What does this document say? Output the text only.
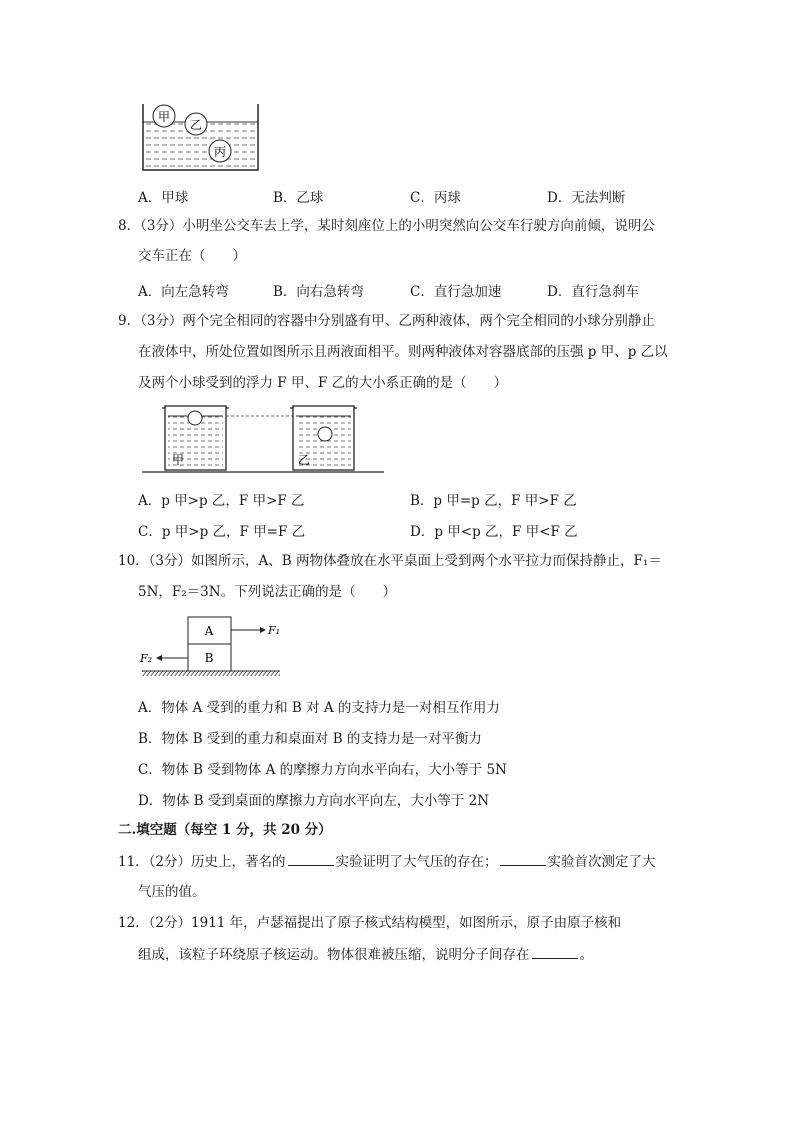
甲
乙
丙
A．甲球	B．乙球	C．丙球	D．无法判断
8．（3分）小明坐公交车去上学，某时刻座位上的小明突然向公交车行驶方向前倾，说明公
交车正在（　　）
A．向左急转弯	B．向右急转弯	C．直行急加速	D．直行急刹车
9．（3分）两个完全相同的容器中分别盛有甲、乙两种液体，两个完全相同的小球分别静止
在液体中，所处位置如图所示且两液面相平。则两种液体对容器底部的压强 p 甲、p 乙以
及两个小球受到的浮力 F 甲、F 乙的大小系正确的是（　　）
甲	乙
A．p 甲>p 乙，F 甲>F 乙	B．p 甲=p 乙，F 甲>F 乙
C．p 甲>p 乙，F 甲=F 乙	D．p 甲<p 乙，F 甲<F 乙
10．（3分）如图所示，A、B 两物体叠放在水平桌面上受到两个水平拉力而保持静止，F₁＝
5N，F₂＝3N。下列说法正确的是（　　）
A
B
F₁
F₂
A．物体 A 受到的重力和 B 对 A 的支持力是一对相互作用力
B．物体 B 受到的重力和桌面对 B 的支持力是一对平衡力
C．物体 B 受到物体 A 的摩擦力方向水平向右，大小等于 5N
D．物体 B 受到桌面的摩擦力方向水平向左，大小等于 2N
二.填空题（每空 1 分，共 20 分）
11．（2分）历史上，著名的	实验证明了大气压的存在；	实验首次测定了大
气压的值。
12．（2分）1911 年，卢瑟福提出了原子核式结构模型，如图所示，原子由原子核和
组成，该粒子环绕原子核运动。物体很难被压缩，说明分子间存在	。
